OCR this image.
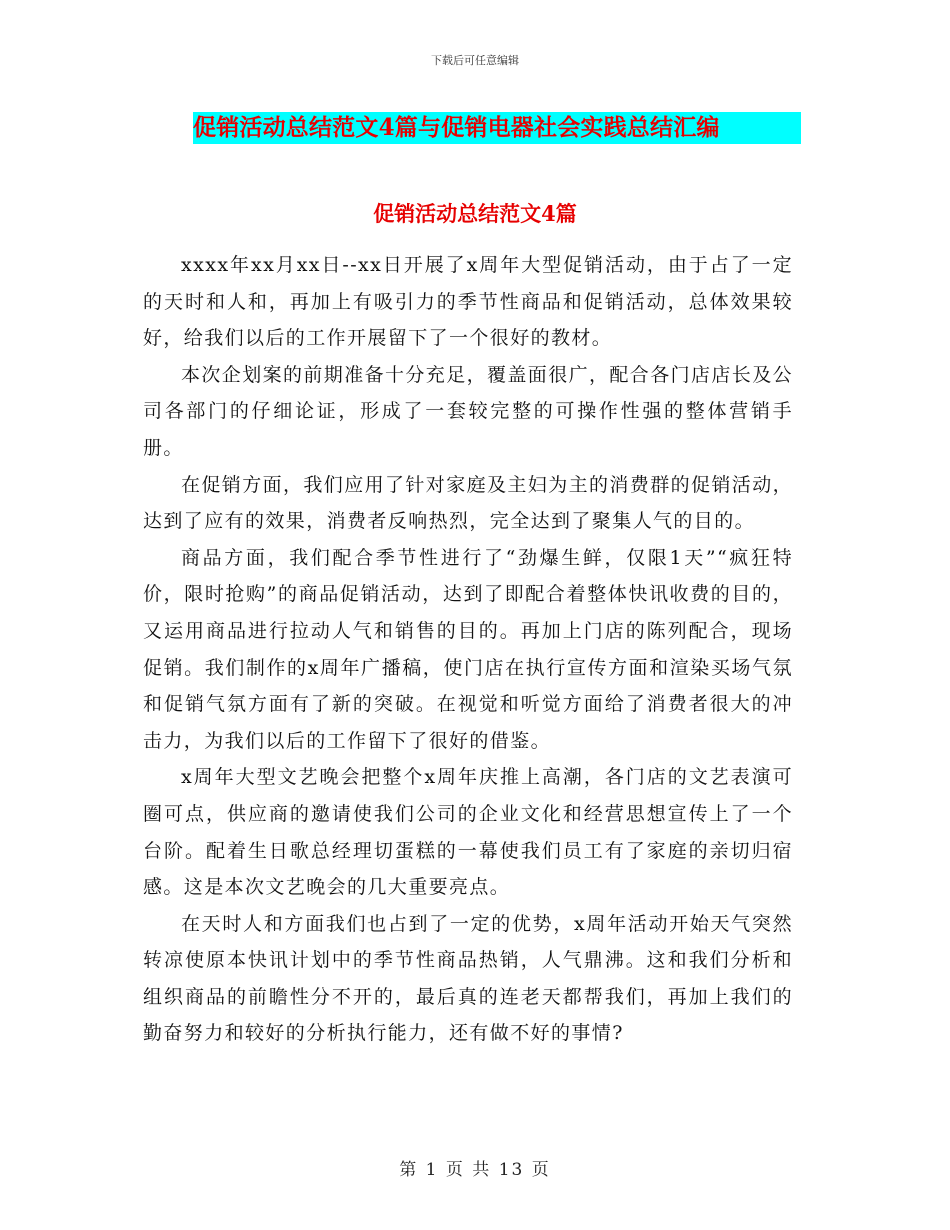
下载后可任意编辑
促销活动总结范文4篇与促销电器社会实践总结汇编
促销活动总结范文4篇

xxxx年xx月xx日--xx日开展了x周年大型促销活动，由于占了一定的天时和人和，再加上有吸引力的季节性商品和促销活动，总体效果较好，给我们以后的工作开展留下了一个很好的教材。

本次企划案的前期准备十分充足，覆盖面很广，配合各门店店长及公司各部门的仔细论证，形成了一套较完整的可操作性强的整体营销手册。

在促销方面，我们应用了针对家庭及主妇为主的消费群的促销活动，达到了应有的效果，消费者反响热烈，完全达到了聚集人气的目的。

商品方面，我们配合季节性进行了“劲爆生鲜，仅限1天”“疯狂特价，限时抢购”的商品促销活动，达到了即配合着整体快讯收费的目的，又运用商品进行拉动人气和销售的目的。再加上门店的陈列配合，现场促销。我们制作的x周年广播稿，使门店在执行宣传方面和渲染买场气氛和促销气氛方面有了新的突破。在视觉和听觉方面给了消费者很大的冲击力，为我们以后的工作留下了很好的借鉴。

x周年大型文艺晚会把整个x周年庆推上高潮，各门店的文艺表演可圈可点，供应商的邀请使我们公司的企业文化和经营思想宣传上了一个台阶。配着生日歌总经理切蛋糕的一幕使我们员工有了家庭的亲切归宿感。这是本次文艺晚会的几大重要亮点。

在天时人和方面我们也占到了一定的优势，x周年活动开始天气突然转凉使原本快讯计划中的季节性商品热销，人气鼎沸。这和我们分析和组织商品的前瞻性分不开的，最后真的连老天都帮我们，再加上我们的勤奋努力和较好的分析执行能力，还有做不好的事情?

第 1 页 共 13 页
